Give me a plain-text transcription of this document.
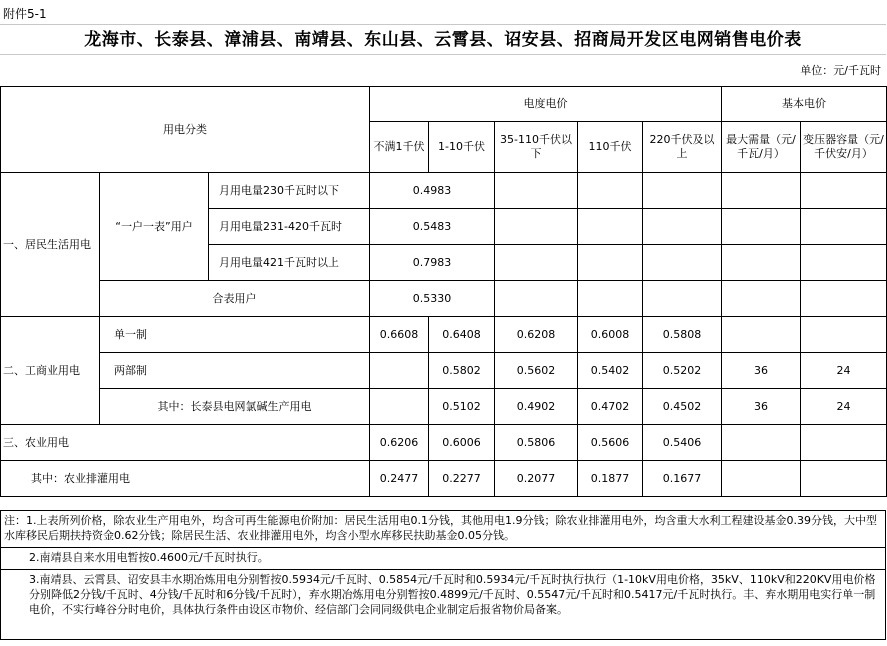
附件5-1
龙海市、长泰县、漳浦县、南靖县、东山县、云霄县、诏安县、招商局开发区电网销售电价表
单位：元/千瓦时
用电分类			电度电价					基本电价	
			不满1千伏	1-10千伏	35-110千伏以下	110千伏	220千伏及以上	最大需量（元/千瓦/月）	变压器容量（元/千伏安/月）
一、居民生活用电	“一户一表”用户	月用电量230千瓦时以下	0.4983						
		月用电量231-420千瓦时	0.5483						
		月用电量421千瓦时以上	0.7983						
	合表用户		0.5330						
二、工商业用电	单一制		0.6608	0.6408	0.6208	0.6008	0.5808		
	两部制			0.5802	0.5602	0.5402	0.5202	36	24
	其中：长泰县电网氯碱生产用电			0.5102	0.4902	0.4702	0.4502	36	24
三、农业用电			0.6206	0.6006	0.5806	0.5606	0.5406		
其中：农业排灌用电			0.2477	0.2277	0.2077	0.1877	0.1677		
注：1.上表所列价格，除农业生产用电外，均含可再生能源电价附加：居民生活用电0.1分钱，其他用电1.9分钱；除农业排灌用电外，均含重大水利工程建设基金0.39分钱，大中型水库移民后期扶持资金0.62分钱；除居民生活、农业排灌用电外，均含小型水库移民扶助基金0.05分钱。
2.南靖县自来水用电暂按0.4600元/千瓦时执行。
3.南靖县、云霄县、诏安县丰水期冶炼用电分别暂按0.5934元/千瓦时、0.5854元/千瓦时和0.5934元/千瓦时执行执行（1-10kV用电价格，35kV、110kV和220KV用电价格分别降低2分钱/千瓦时、4分钱/千瓦时和6分钱/千瓦时），弃水期冶炼用电分别暂按0.4899元/千瓦时、0.5547元/千瓦时和0.5417元/千瓦时执行。丰、弃水期用电实行单一制电价，不实行峰谷分时电价，具体执行条件由设区市物价、经信部门会同同级供电企业制定后报省物价局备案。
